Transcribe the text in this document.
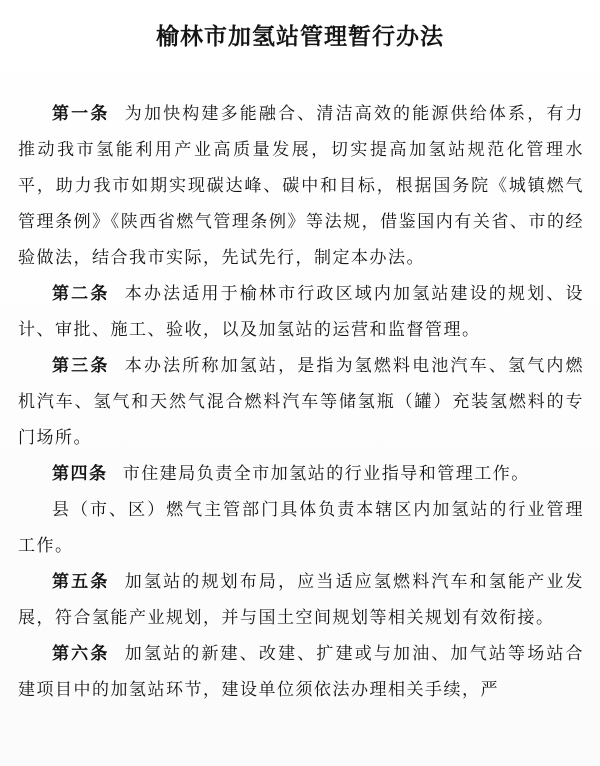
榆林市加氢站管理暂行办法

第一条 为加快构建多能融合、清洁高效的能源供给体系，有力推动我市氢能利用产业高质量发展，切实提高加氢站规范化管理水平，助力我市如期实现碳达峰、碳中和目标，根据国务院《城镇燃气管理条例》《陕西省燃气管理条例》等法规，借鉴国内有关省、市的经验做法，结合我市实际，先试先行，制定本办法。

第二条 本办法适用于榆林市行政区域内加氢站建设的规划、设计、审批、施工、验收，以及加氢站的运营和监督管理。

第三条 本办法所称加氢站，是指为氢燃料电池汽车、氢气内燃机汽车、氢气和天然气混合燃料汽车等储氢瓶（罐）充装氢燃料的专门场所。

第四条 市住建局负责全市加氢站的行业指导和管理工作。

县（市、区）燃气主管部门具体负责本辖区内加氢站的行业管理工作。

第五条 加氢站的规划布局，应当适应氢燃料汽车和氢能产业发展，符合氢能产业规划，并与国土空间规划等相关规划有效衔接。

第六条 加氢站的新建、改建、扩建或与加油、加气站等场站合建项目中的加氢站环节，建设单位须依法办理相关手续，严
